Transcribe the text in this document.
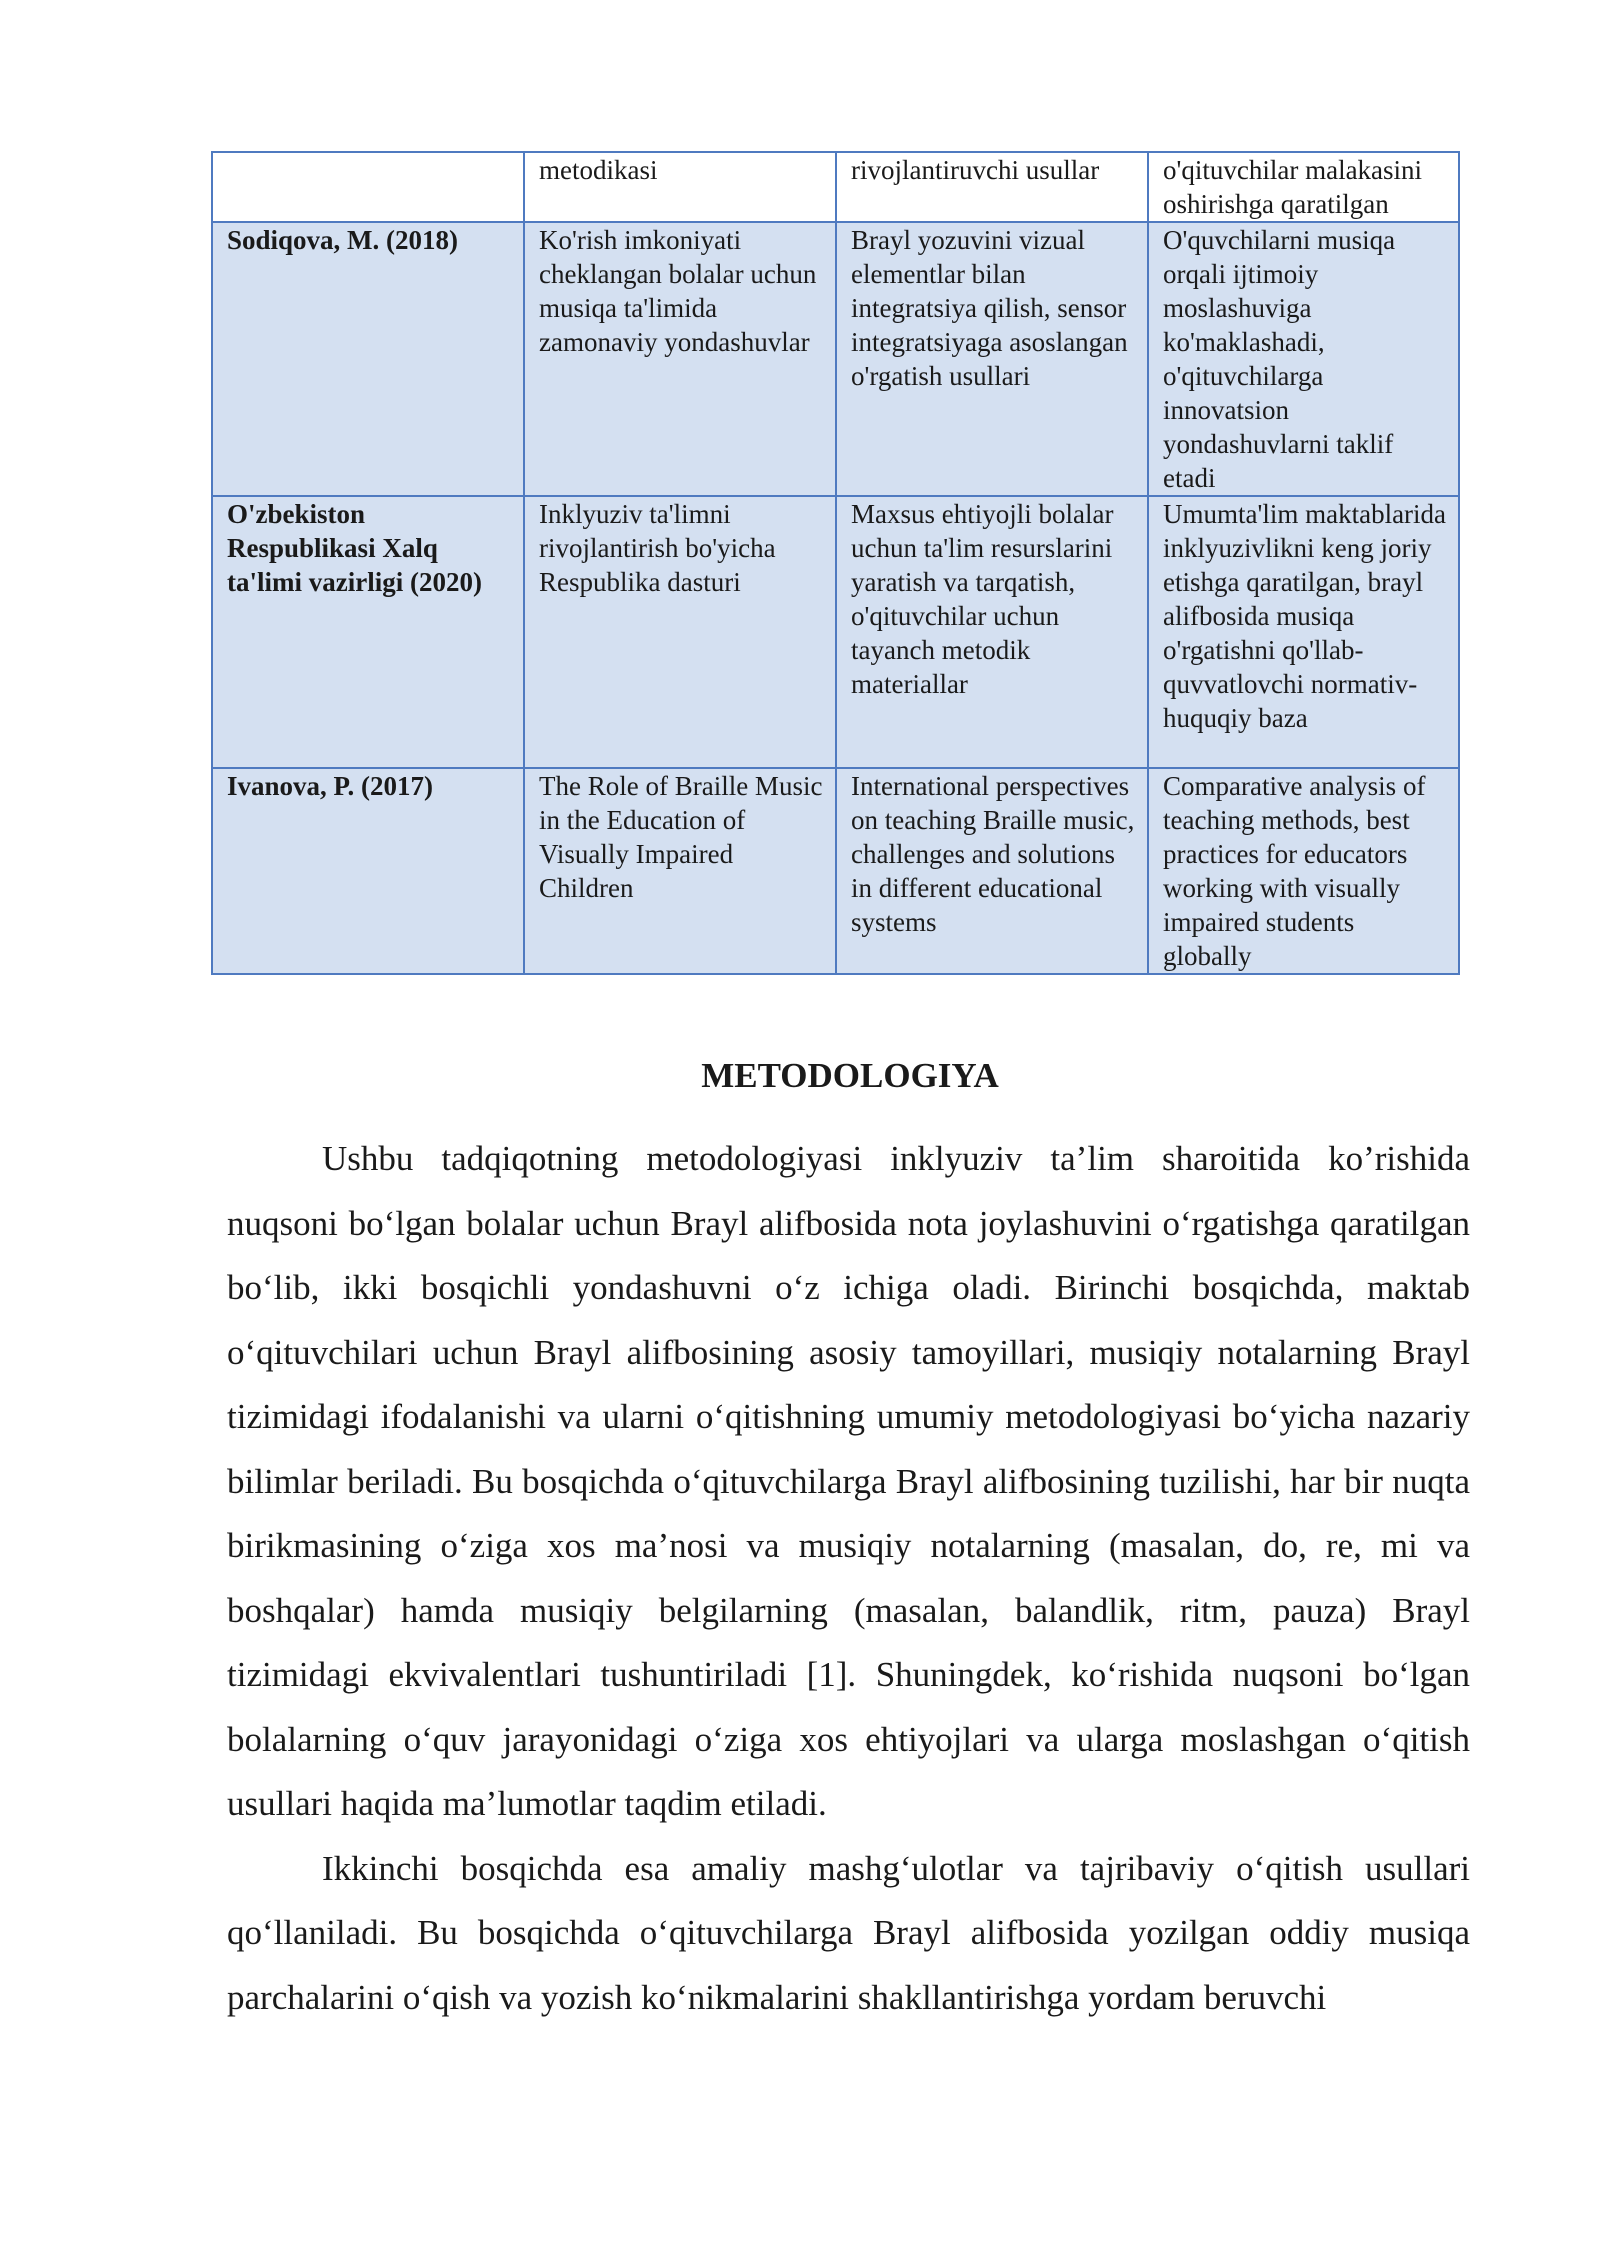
	metodikasi	rivojlantiruvchi usullar	o'qituvchilar malakasini oshirishga qaratilgan
Sodiqova, M. (2018)	Ko'rish imkoniyati cheklangan bolalar uchun musiqa ta'limida zamonaviy yondashuvlar	Brayl yozuvini vizual elementlar bilan integratsiya qilish, sensor integratsiyaga asoslangan o'rgatish usullari	O'quvchilarni musiqa orqali ijtimoiy moslashuviga ko'maklashadi, o'qituvchilarga innovatsion yondashuvlarni taklif etadi
O'zbekiston Respublikasi Xalq ta'limi vazirligi (2020)	Inklyuziv ta'limni rivojlantirish bo'yicha Respublika dasturi	Maxsus ehtiyojli bolalar uchun ta'lim resurslarini yaratish va tarqatish, o'qituvchilar uchun tayanch metodik materiallar	Umumta'lim maktablarida inklyuzivlikni keng joriy etishga qaratilgan, brayl alifbosida musiqa o'rgatishni qo'llab-quvvatlovchi normativ-huquqiy baza
Ivanova, P. (2017)	The Role of Braille Music in the Education of Visually Impaired Children	International perspectives on teaching Braille music, challenges and solutions in different educational systems	Comparative analysis of teaching methods, best practices for educators working with visually impaired students globally
METODOLOGIYA

Ushbu tadqiqotning metodologiyasi inklyuziv ta’lim sharoitida ko’rishida nuqsoni boʻlgan bolalar uchun Brayl alifbosida nota joylashuvini oʻrgatishga qaratilgan boʻlib, ikki bosqichli yondashuvni oʻz ichiga oladi. Birinchi bosqichda, maktab oʻqituvchilari uchun Brayl alifbosining asosiy tamoyillari, musiqiy notalarning Brayl tizimidagi ifodalanishi va ularni oʻqitishning umumiy metodologiyasi boʻyicha nazariy bilimlar beriladi. Bu bosqichda oʻqituvchilarga Brayl alifbosining tuzilishi, har bir nuqta birikmasining oʻziga xos ma’nosi va musiqiy notalarning (masalan, do, re, mi va boshqalar) hamda musiqiy belgilarning (masalan, balandlik, ritm, pauza) Brayl tizimidagi ekvivalentlari tushuntiriladi [1]. Shuningdek, koʻrishida nuqsoni boʻlgan bolalarning oʻquv jarayonidagi oʻziga xos ehtiyojlari va ularga moslashgan oʻqitish usullari haqida ma’lumotlar taqdim etiladi.

Ikkinchi bosqichda esa amaliy mashgʻulotlar va tajribaviy oʻqitish usullari qoʻllaniladi. Bu bosqichda oʻqituvchilarga Brayl alifbosida yozilgan oddiy musiqa parchalarini oʻqish va yozish koʻnikmalarini shakllantirishga yordam beruvchi
